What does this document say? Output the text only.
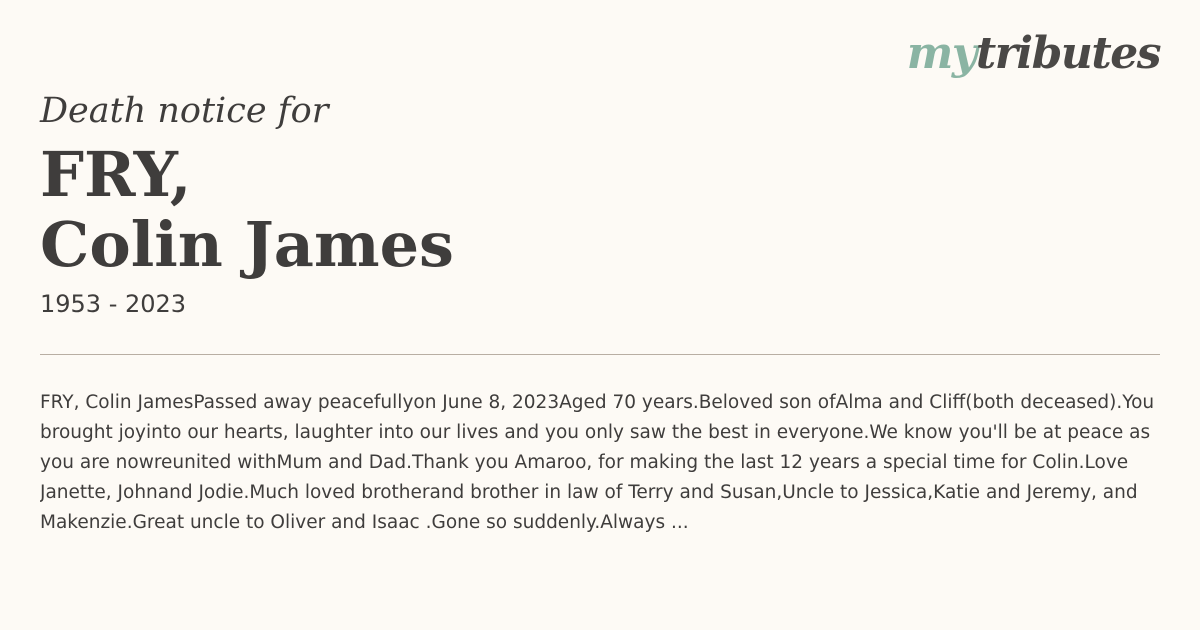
mytributes
Death notice for
FRY,
Colin James

1953 - 2023

FRY, Colin JamesPassed away peacefullyon June 8, 2023Aged 70 years.Beloved son ofAlma and Cliff(both deceased).You brought joyinto our hearts, laughter into our lives and you only saw the best in everyone.We know you'll be at peace as you are nowreunited withMum and Dad.Thank you Amaroo, for making the last 12 years a special time for Colin.Love Janette, Johnand Jodie.Much loved brotherand brother in law of Terry and Susan,Uncle to Jessica,Katie and Jeremy, and Makenzie.Great uncle to Oliver and Isaac .Gone so suddenly.Always ...
